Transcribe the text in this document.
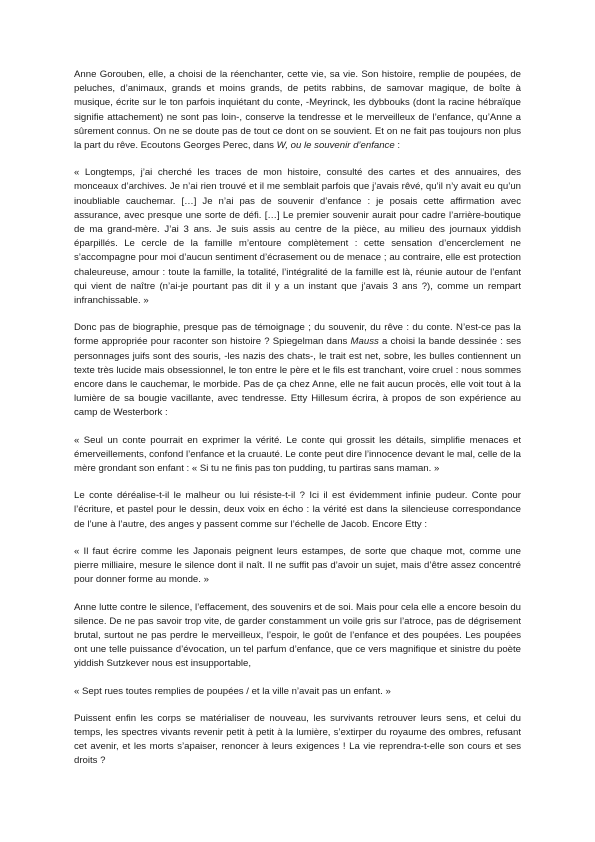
Anne Gorouben, elle, a choisi de la réenchanter, cette vie, sa vie. Son histoire, remplie de poupées, de peluches, d’animaux, grands et moins grands, de petits rabbins, de samovar magique, de boîte à musique, écrite sur le ton parfois inquiétant du conte, -Meyrinck, les dybbouks (dont la racine hébraïque signifie attachement) ne sont pas loin-, conserve la tendresse et le merveilleux de l’enfance, qu’Anne a sûrement connus. On ne se doute pas de tout ce dont on se souvient. Et on ne fait pas toujours non plus la part du rêve. Ecoutons Georges Perec, dans W, ou le souvenir d’enfance :

« Longtemps, j’ai cherché les traces de mon histoire, consulté des cartes et des annuaires, des monceaux d’archives. Je n’ai rien trouvé et il me semblait parfois que j’avais rêvé, qu’il n’y avait eu qu’un inoubliable cauchemar. […] Je n’ai pas de souvenir d’enfance : je posais cette affirmation avec assurance, avec presque une sorte de défi. […] Le premier souvenir aurait pour cadre l’arrière-boutique de ma grand-mère. J’ai 3 ans. Je suis assis au centre de la pièce, au milieu des journaux yiddish éparpillés. Le cercle de la famille m’entoure complètement : cette sensation d’encerclement ne s’accompagne pour moi d’aucun sentiment d’écrasement ou de menace ; au contraire, elle est protection chaleureuse, amour : toute la famille, la totalité, l’intégralité de la famille est là, réunie autour de l’enfant qui vient de naître (n’ai-je pourtant pas dit il y a un instant que j’avais 3 ans ?), comme un rempart infranchissable. »

Donc pas de biographie, presque pas de témoignage ; du souvenir, du rêve : du conte. N’est-ce pas la forme appropriée pour raconter son histoire ? Spiegelman dans Mauss a choisi la bande dessinée : ses personnages juifs sont des souris, -les nazis des chats-, le trait est net, sobre, les bulles contiennent un texte très lucide mais obsessionnel, le ton entre le père et le fils est tranchant, voire cruel : nous sommes encore dans le cauchemar, le morbide. Pas de ça chez Anne, elle ne fait aucun procès, elle voit tout à la lumière de sa bougie vacillante, avec tendresse. Etty Hillesum écrira, à propos de son expérience au camp de Westerbork :

« Seul un conte pourrait en exprimer la vérité. Le conte qui grossit les détails, simplifie menaces et émerveillements, confond l’enfance et la cruauté. Le conte peut dire l’innocence devant le mal, celle de la mère grondant son enfant : « Si tu ne finis pas ton pudding, tu partiras sans maman. »

Le conte déréalise-t-il le malheur ou lui résiste-t-il ? Ici il est évidemment infinie pudeur. Conte pour l’écriture, et pastel pour le dessin, deux voix en écho : la vérité est dans la silencieuse correspondance de l’une à l’autre, des anges y passent comme sur l’échelle de Jacob. Encore Etty :

« Il faut écrire comme les Japonais peignent leurs estampes, de sorte que chaque mot, comme une pierre milliaire, mesure le silence dont il naît. Il ne suffit pas d’avoir un sujet, mais d’être assez concentré pour donner forme au monde. »

Anne lutte contre le silence, l’effacement, des souvenirs et de soi. Mais pour cela elle a encore besoin du silence. De ne pas savoir trop vite, de garder constamment un voile gris sur l’atroce, pas de dégrisement brutal, surtout ne pas perdre le merveilleux, l’espoir, le goût de l’enfance et des poupées. Les poupées ont une telle puissance d’évocation, un tel parfum d’enfance, que ce vers magnifique et sinistre du poète yiddish Sutzkever nous est insupportable,

« Sept rues toutes remplies de poupées / et la ville n’avait pas un enfant. »

Puissent enfin les corps se matérialiser de nouveau, les survivants retrouver leurs sens, et celui du temps, les spectres vivants revenir petit à petit à la lumière, s’extirper du royaume des ombres, refusant cet avenir, et les morts s’apaiser, renoncer à leurs exigences ! La vie reprendra-t-elle son cours et ses droits ?
